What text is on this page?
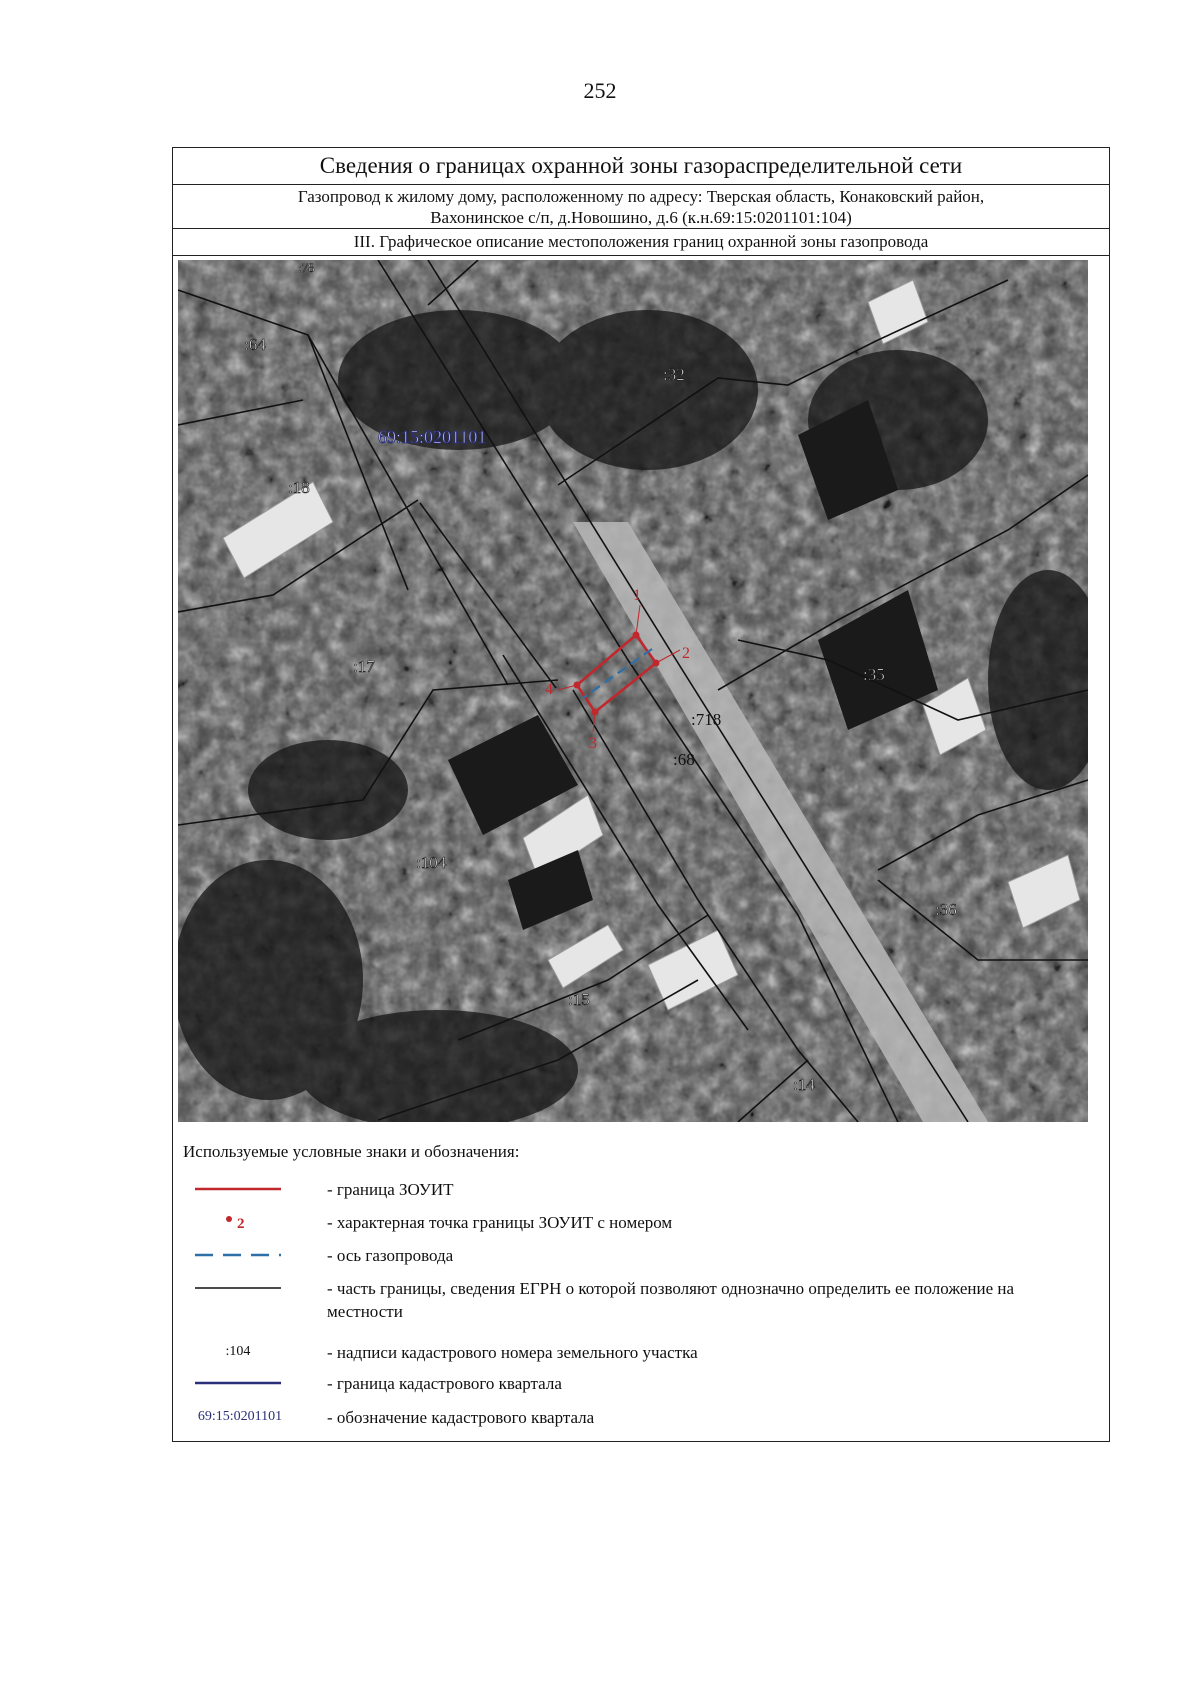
252
Сведения о границах охранной зоны газораспределительной сети
Газопровод к жилому дому, расположенному по адресу: Тверская область, Конаковский район,
Вахонинское с/п, д.Новошино, д.6 (к.н.69:15:0201101:104)
III. Графическое описание местоположения границ охранной зоны газопровода
:64
:32
:18
:17	:35
:718
:68
:104
:36
:15
:14
:78
69:15:0201101
1
2
3
4
Используемые условные знаки и обозначения:
- граница ЗОУИТ
2	- характерная точка границы ЗОУИТ с номером
- ось газопровода
- часть границы, сведения ЕГРН о которой позволяют однозначно определить ее положение на местности
:104	- надписи кадастрового номера земельного участка
- граница кадастрового квартала
69:15:0201101	- обозначение кадастрового квартала
